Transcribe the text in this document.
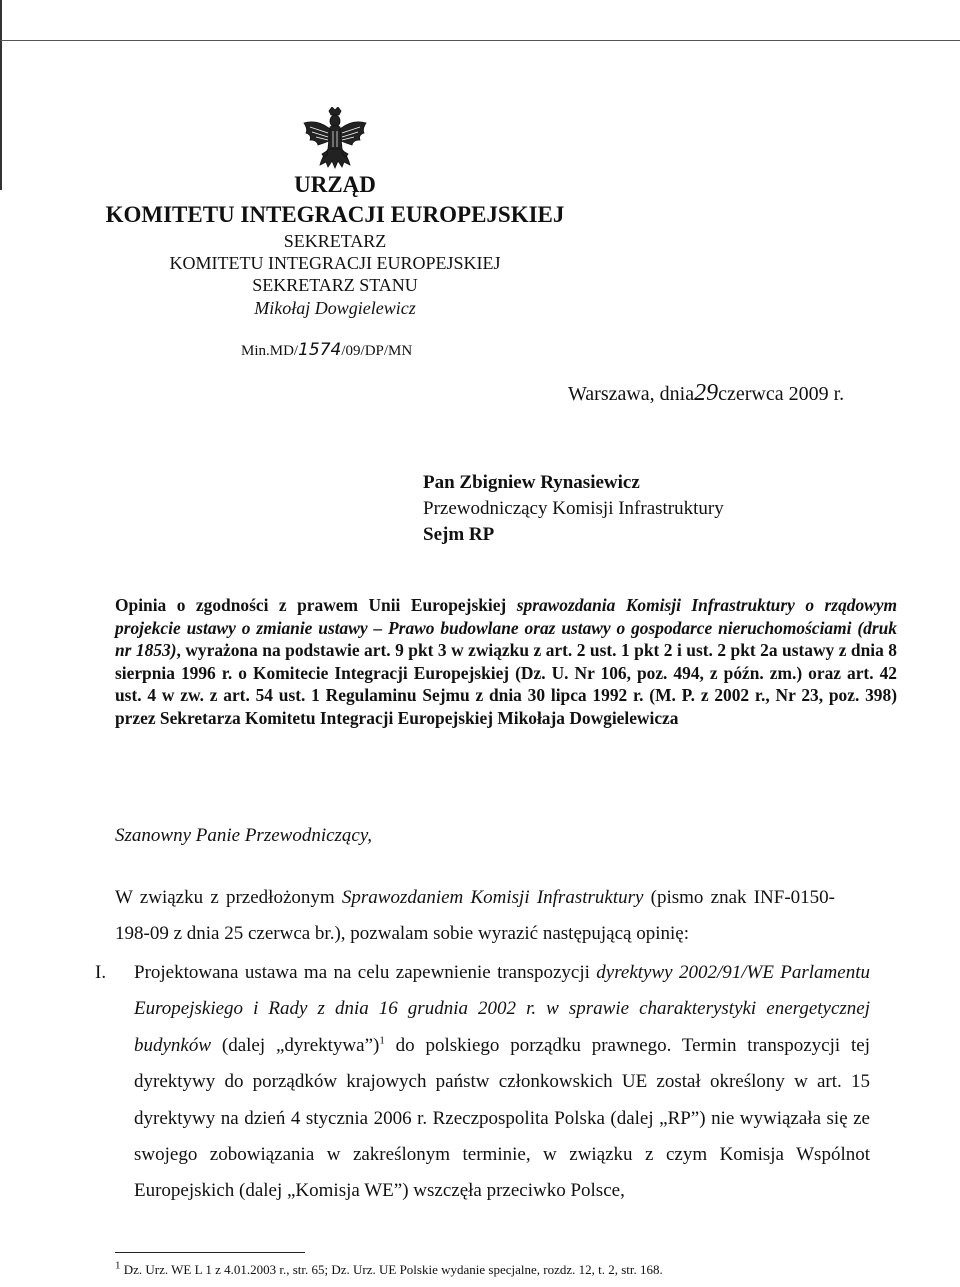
URZĄD
KOMITETU INTEGRACJI EUROPEJSKIEJ
SEKRETARZ
KOMITETU INTEGRACJI EUROPEJSKIEJ
SEKRETARZ STANU
Mikołaj Dowgielewicz
Min.MD/1574/09/DP/MN
Warszawa, dnia29czerwca 2009 r.
Pan Zbigniew Rynasiewicz
Przewodniczący Komisji Infrastruktury
Sejm RP
Opinia o zgodności z prawem Unii Europejskiej sprawozdania Komisji Infrastruktury o rządowym projekcie ustawy o zmianie ustawy – Prawo budowlane oraz ustawy o gospodarce nieruchomościami (druk nr 1853), wyrażona na podstawie art. 9 pkt 3 w związku z art. 2 ust. 1 pkt 2 i ust. 2 pkt 2a ustawy z dnia 8 sierpnia 1996 r. o Komitecie Integracji Europejskiej (Dz. U. Nr 106, poz. 494, z późn. zm.) oraz art. 42 ust. 4 w zw. z art. 54 ust. 1 Regulaminu Sejmu z dnia 30 lipca 1992 r. (M. P. z 2002 r., Nr 23, poz. 398) przez Sekretarza Komitetu Integracji Europejskiej Mikołaja Dowgielewicza
Szanowny Panie Przewodniczący,
W związku z przedłożonym Sprawozdaniem Komisji Infrastruktury (pismo znak INF-0150-198-09 z dnia 25 czerwca br.), pozwalam sobie wyrazić następującą opinię:
I. Projektowana ustawa ma na celu zapewnienie transpozycji dyrektywy 2002/91/WE Parlamentu Europejskiego i Rady z dnia 16 grudnia 2002 r. w sprawie charakterystyki energetycznej budynków (dalej „dyrektywa”)$^1$ do polskiego porządku prawnego. Termin transpozycji tej dyrektywy do porządków krajowych państw członkowskich UE został określony w art. 15 dyrektywy na dzień 4 stycznia 2006 r. Rzeczpospolita Polska (dalej „RP”) nie wywiązała się ze swojego zobowiązania w zakreślonym terminie, w związku z czym Komisja Wspólnot Europejskich (dalej „Komisja WE”) wszczęła przeciwko Polsce,
$^1$ Dz. Urz. WE L 1 z 4.01.2003 r., str. 65; Dz. Urz. UE Polskie wydanie specjalne, rozdz. 12, t. 2, str. 168.
